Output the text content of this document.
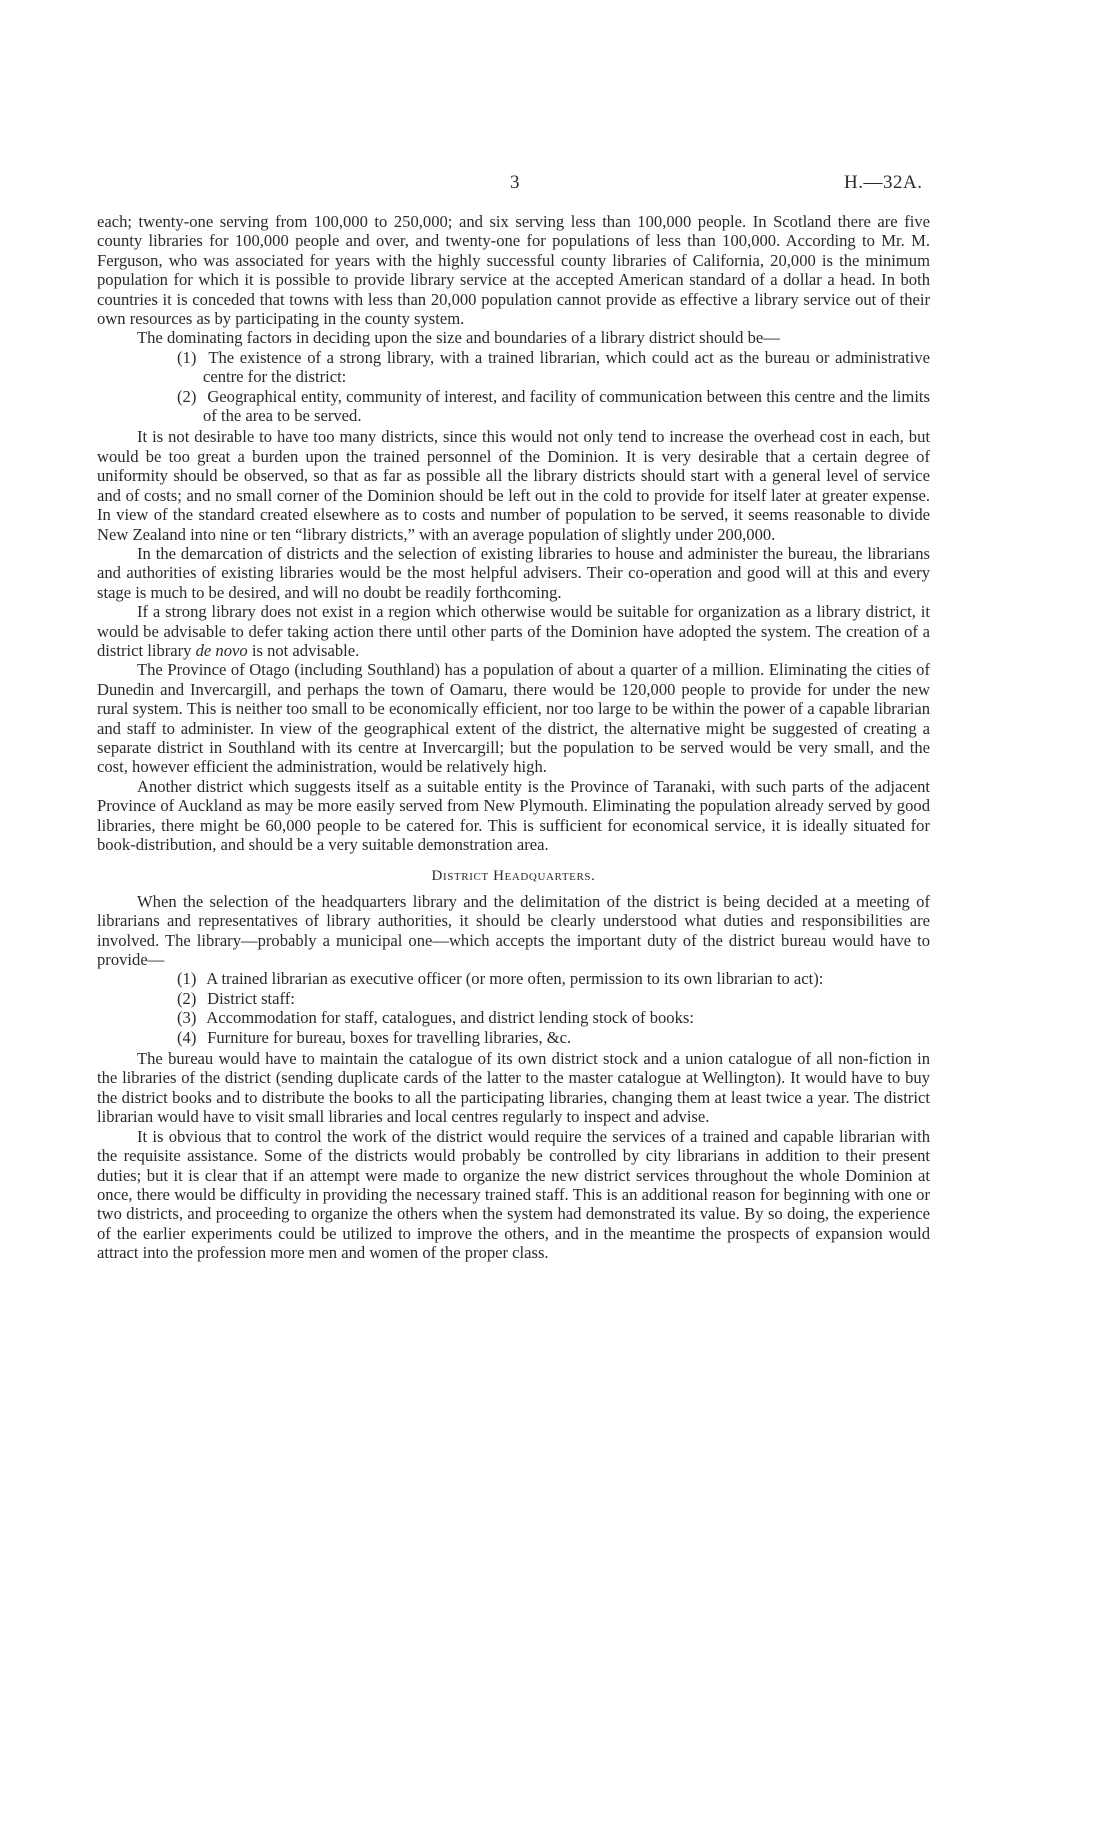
3	H.—32A.

each; twenty-one serving from 100,000 to 250,000; and six serving less than 100,000 people. In Scotland there are five county libraries for 100,000 people and over, and twenty-one for populations of less than 100,000. According to Mr. M. Ferguson, who was associated for years with the highly successful county libraries of California, 20,000 is the minimum population for which it is possible to provide library service at the accepted American standard of a dollar a head. In both countries it is conceded that towns with less than 20,000 population cannot provide as effective a library service out of their own resources as by participating in the county system.

The dominating factors in deciding upon the size and boundaries of a library district should be—

(1) The existence of a strong library, with a trained librarian, which could act as the bureau or administrative centre for the district:
(2) Geographical entity, community of interest, and facility of communication between this centre and the limits of the area to be served.

It is not desirable to have too many districts, since this would not only tend to increase the overhead cost in each, but would be too great a burden upon the trained personnel of the Dominion. It is very desirable that a certain degree of uniformity should be observed, so that as far as possible all the library districts should start with a general level of service and of costs; and no small corner of the Dominion should be left out in the cold to provide for itself later at greater expense. In view of the standard created elsewhere as to costs and number of population to be served, it seems reasonable to divide New Zealand into nine or ten “library districts,” with an average population of slightly under 200,000.

In the demarcation of districts and the selection of existing libraries to house and administer the bureau, the librarians and authorities of existing libraries would be the most helpful advisers. Their co-operation and good will at this and every stage is much to be desired, and will no doubt be readily forthcoming.

If a strong library does not exist in a region which otherwise would be suitable for organization as a library district, it would be advisable to defer taking action there until other parts of the Dominion have adopted the system. The creation of a district library de novo is not advisable.

The Province of Otago (including Southland) has a population of about a quarter of a million. Eliminating the cities of Dunedin and Invercargill, and perhaps the town of Oamaru, there would be 120,000 people to provide for under the new rural system. This is neither too small to be economically efficient, nor too large to be within the power of a capable librarian and staff to administer. In view of the geographical extent of the district, the alternative might be suggested of creating a separate district in Southland with its centre at Invercargill; but the population to be served would be very small, and the cost, however efficient the administration, would be relatively high.

Another district which suggests itself as a suitable entity is the Province of Taranaki, with such parts of the adjacent Province of Auckland as may be more easily served from New Plymouth. Eliminating the population already served by good libraries, there might be 60,000 people to be catered for. This is sufficient for economical service, it is ideally situated for book-distribution, and should be a very suitable demonstration area.

District Headquarters.

When the selection of the headquarters library and the delimitation of the district is being decided at a meeting of librarians and representatives of library authorities, it should be clearly understood what duties and responsibilities are involved. The library—probably a municipal one—which accepts the important duty of the district bureau would have to provide—

(1) A trained librarian as executive officer (or more often, permission to its own librarian to act):
(2) District staff:
(3) Accommodation for staff, catalogues, and district lending stock of books:
(4) Furniture for bureau, boxes for travelling libraries, &c.

The bureau would have to maintain the catalogue of its own district stock and a union catalogue of all non-fiction in the libraries of the district (sending duplicate cards of the latter to the master catalogue at Wellington). It would have to buy the district books and to distribute the books to all the participating libraries, changing them at least twice a year. The district librarian would have to visit small libraries and local centres regularly to inspect and advise.

It is obvious that to control the work of the district would require the services of a trained and capable librarian with the requisite assistance. Some of the districts would probably be controlled by city librarians in addition to their present duties; but it is clear that if an attempt were made to organize the new district services throughout the whole Dominion at once, there would be difficulty in providing the necessary trained staff. This is an additional reason for beginning with one or two districts, and proceeding to organize the others when the system had demonstrated its value. By so doing, the experience of the earlier experiments could be utilized to improve the others, and in the meantime the prospects of expansion would attract into the profession more men and women of the proper class.
